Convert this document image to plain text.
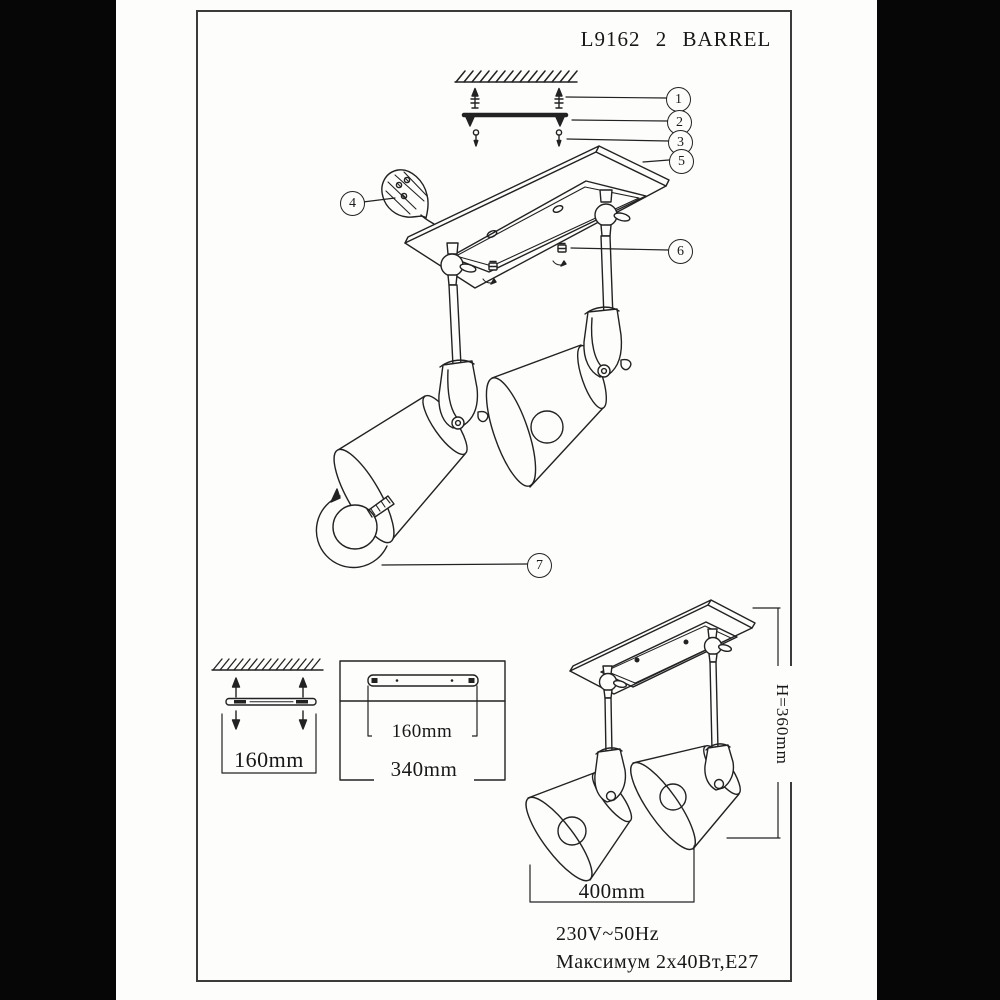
L9162 2 BARREL
1
2
3
4
5
6
7
160mm
160mm
340mm
400mm
H=360mm
230V~50Hz
Максимум 2x40Вт,E27
